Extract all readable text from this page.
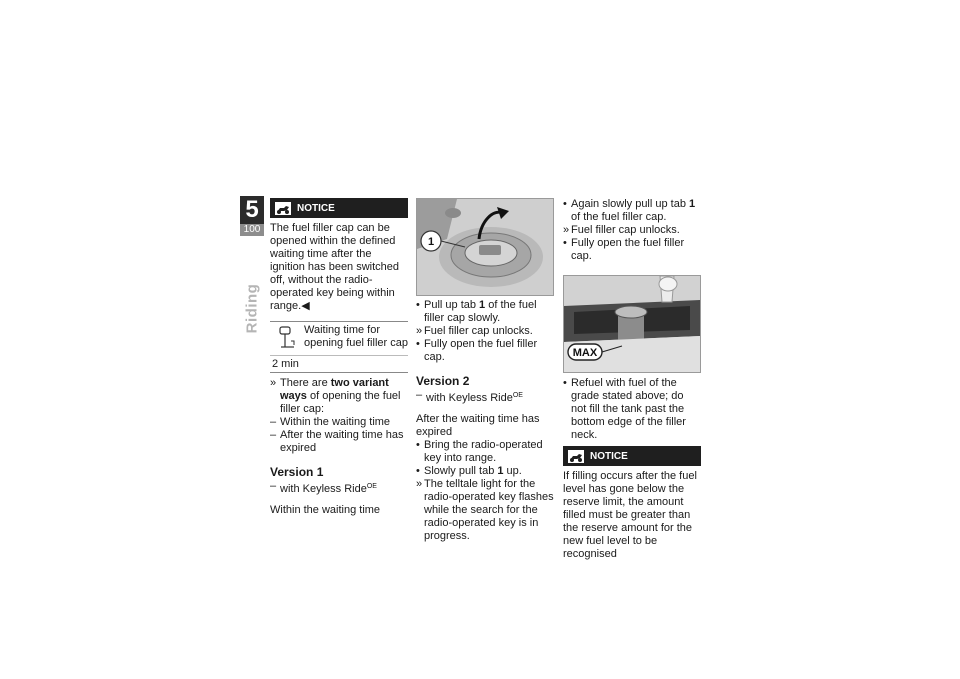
5
100
Riding
NOTICE

The fuel filler cap can be opened within the defined waiting time after the ignition has been switched off, without the radio-operated key being within range.◀

Waiting time for opening fuel filler cap
2 min
» There are two variant ways of opening the fuel filler cap:
– Within the waiting time
– After the waiting time has expired
Version 1
– with Keyless Ride$^{OE}$

Within the waiting time

1
• Pull up tab 1 of the fuel filler cap slowly.
» Fuel filler cap unlocks.
• Fully open the fuel filler cap.
Version 2
– with Keyless Ride$^{OE}$

After the waiting time has expired

• Bring the radio-operated key into range.
• Slowly pull tab 1 up.
» The telltale light for the radio-operated key flashes while the search for the radio-operated key is in progress.
• Again slowly pull up tab 1 of the fuel filler cap.
» Fuel filler cap unlocks.
• Fully open the fuel filler cap.
MAX
• Refuel with fuel of the grade stated above; do not fill the tank past the bottom edge of the filler neck.
NOTICE

If filling occurs after the fuel level has gone below the reserve limit, the amount filled must be greater than the reserve amount for the new fuel level to be recognised
